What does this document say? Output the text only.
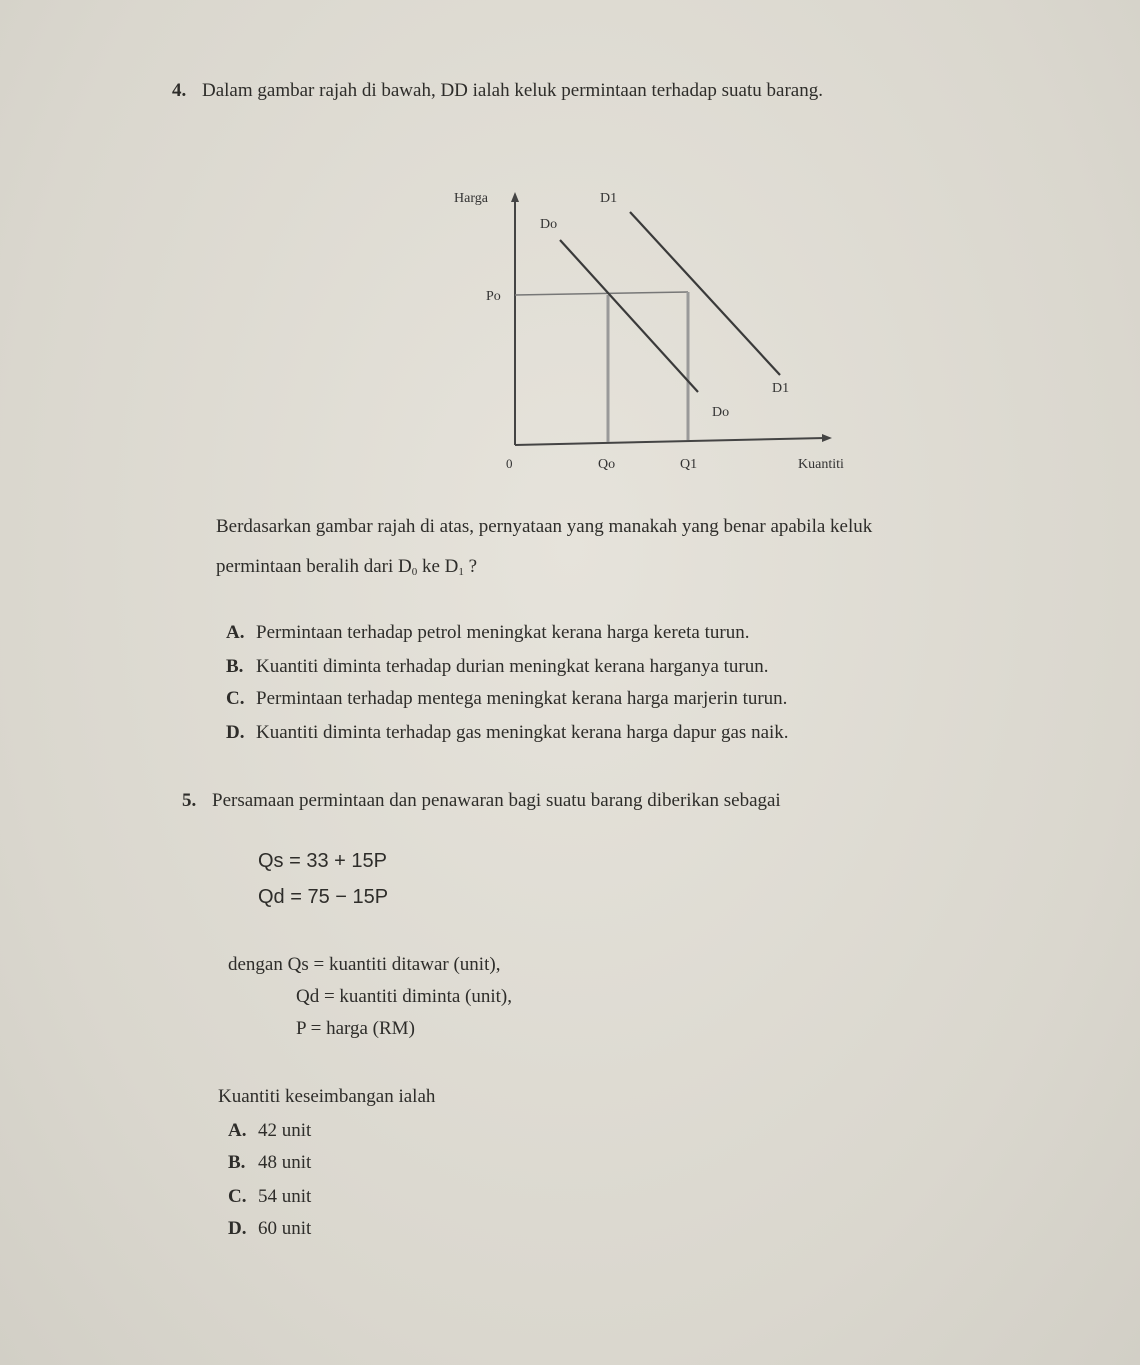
4. Dalam gambar rajah di bawah, DD ialah keluk permintaan terhadap suatu barang.
Harga
Kuantiti
0
Po
Qo	Q1
Do
D1
Do
D1
Berdasarkan gambar rajah di atas, pernyataan yang manakah yang benar apabila keluk
permintaan beralih dari $D_0$ ke $D_1$ ?
A. Permintaan terhadap petrol meningkat kerana harga kereta turun.
B. Kuantiti diminta terhadap durian meningkat kerana harganya turun.
C. Permintaan terhadap mentega meningkat kerana harga marjerin turun.
D. Kuantiti diminta terhadap gas meningkat kerana harga dapur gas naik.
5. Persamaan permintaan dan penawaran bagi suatu barang diberikan sebagai
Qs = 33 + 15P
Qd = 75 − 15P
dengan Qs = kuantiti ditawar (unit),
Qd = kuantiti diminta (unit),
P = harga (RM)
Kuantiti keseimbangan ialah
A. 42 unit
B. 48 unit
C. 54 unit
D. 60 unit
